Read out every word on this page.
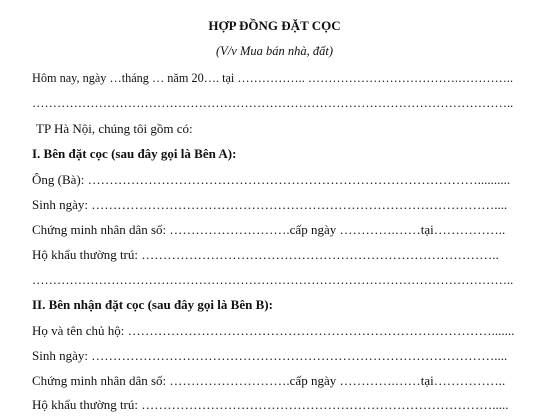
HỢP ĐỒNG ĐẶT CỌC
(V/v Mua bán nhà, đất)
Hôm nay, ngày …tháng … năm 20…. tại …………….. ……………………………….…………..
……………………………………………………………………………………………………..
TP Hà Nội, chúng tôi gồm có:
I. Bên đặt cọc (sau đây gọi là Bên A):
Ông (Bà): ………………………………………………………………………………..........
Sinh ngày: …………………………………………………………………………………....
Chứng minh nhân dân số: ……………………….cấp ngày ………….……tại……………..
Hộ khẩu thường trú: ………………………………………………………………………..
……………………………………………………………………………………………………..
II. Bên nhận đặt cọc (sau đây gọi là Bên B):
Họ và tên chủ hộ: ………………………………………………………………………….......
Sinh ngày: …………………………………………………………………………………....
Chứng minh nhân dân số: ……………………….cấp ngày ………….……tại……………..
Hộ khẩu thường trú: ……………………………………………………………………….....
